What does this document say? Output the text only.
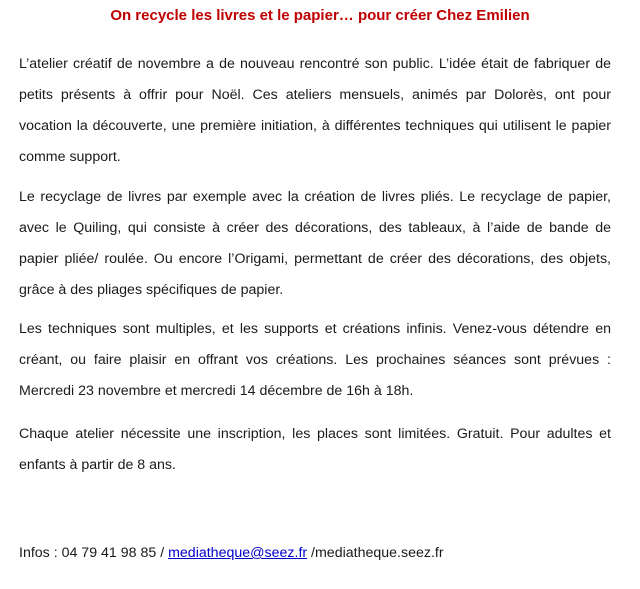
On recycle les livres et le papier… pour créer Chez Emilien

L’atelier créatif de novembre a de nouveau rencontré son public. L’idée était de fabriquer de petits présents à offrir pour Noël. Ces ateliers mensuels, animés par Dolorès, ont pour vocation la découverte, une première initiation, à différentes techniques qui utilisent le papier comme support.

Le recyclage de livres par exemple avec la création de livres pliés. Le recyclage de papier, avec le Quiling, qui consiste à créer des décorations, des tableaux, à l’aide de bande de papier pliée/ roulée. Ou encore l’Origami, permettant de créer des décorations, des objets, grâce à des pliages spécifiques de papier.

Les techniques sont multiples, et les supports et créations infinis. Venez-vous détendre en créant, ou faire plaisir en offrant vos créations. Les prochaines séances sont prévues : Mercredi 23 novembre et mercredi 14 décembre de 16h à 18h.

Chaque atelier nécessite une inscription, les places sont limitées. Gratuit. Pour adultes et enfants à partir de 8 ans.

Infos : 04 79 41 98 85 / mediatheque@seez.fr /mediatheque.seez.fr
